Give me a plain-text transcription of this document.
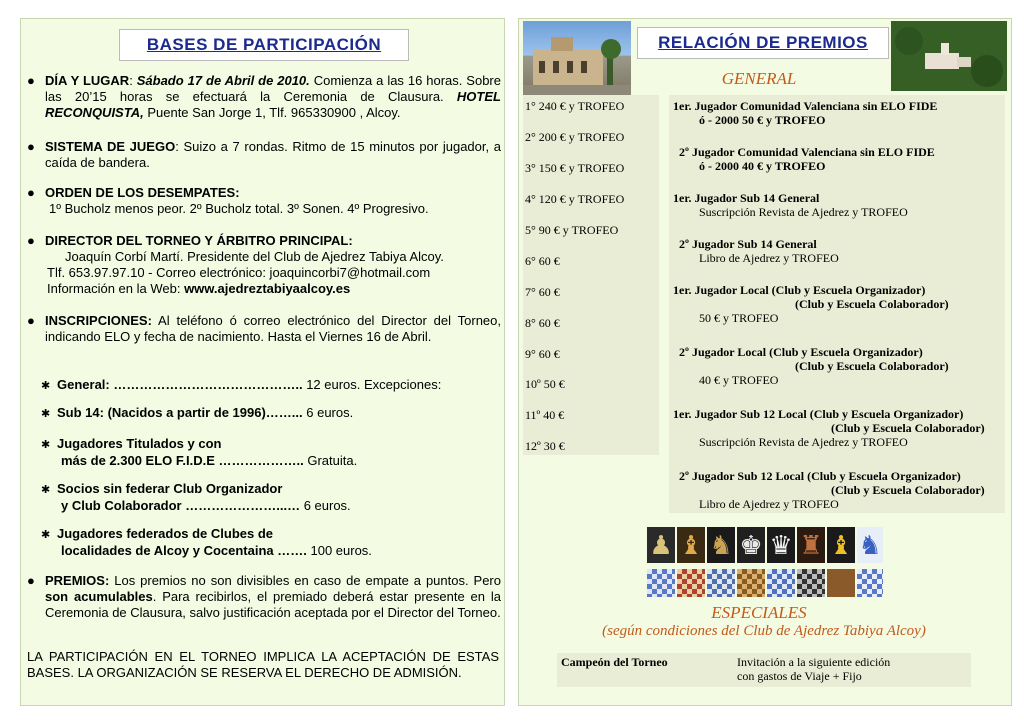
BASES DE PARTICIPACIÓN
● DÍA Y LUGAR: Sábado 17 de Abril de 2010. Comienza a las 16 horas. Sobre las 20’15 horas se efectuará la Ceremonia de Clausura. HOTEL RECONQUISTA, Puente San Jorge 1, Tlf. 965330900 , Alcoy.
● SISTEMA DE JUEGO: Suizo a 7 rondas. Ritmo de 15 minutos por jugador, a caída de bandera.
● ORDEN DE LOS DESEMPATES:
1º Bucholz menos peor. 2º Bucholz total. 3º Sonen. 4º Progresivo.
● DIRECTOR DEL TORNEO Y ÁRBITRO PRINCIPAL:
Joaquín Corbí Martí. Presidente del Club de Ajedrez Tabiya Alcoy.
Tlf. 653.97.97.10 - Correo electrónico: joaquincorbi7@hotmail.com
Información en la Web: www.ajedreztabiyaalcoy.es
● INSCRIPCIONES: Al teléfono ó correo electrónico del Director del Torneo, indicando ELO y fecha de nacimiento. Hasta el Viernes 16 de Abril.
✱ General: …………………………………….. 12 euros. Excepciones:
✱ Sub 14: (Nacidos a partir de 1996)……... 6 euros.
✱ Jugadores Titulados y con
más de 2.300 ELO F.I.D.E ……………….. Gratuita.
✱ Socios sin federar Club Organizador
y Club Colaborador …………………...… 6 euros.
✱ Jugadores federados de Clubes de
localidades de Alcoy y Cocentaina ……. 100 euros.
● PREMIOS: Los premios no son divisibles en caso de empate a puntos. Pero son acumulables. Para recibirlos, el premiado deberá estar presente en la Ceremonia de Clausura, salvo justificación aceptada por el Director del Torneo.
LA PARTICIPACIÓN EN EL TORNEO IMPLICA LA ACEPTACIÓN DE ESTAS BASES. LA ORGANIZACIÓN SE RESERVA EL DERECHO DE ADMISIÓN.
RELACIÓN DE PREMIOS
GENERAL
1° 240 € y TROFEO
2° 200 € y TROFEO
3° 150 € y TROFEO
4° 120 € y TROFEO
5° 90 € y TROFEO
6° 60 €
7° 60 €
8° 60 €
9° 60 €
10º 50 €
11º 40 €
12º 30 €
1er. Jugador Comunidad Valenciana sin ELO FIDE
ó - 2000 50 € y TROFEO
2º Jugador Comunidad Valenciana sin ELO FIDE
ó - 2000 40 € y TROFEO
1er. Jugador Sub 14 General
Suscripción Revista de Ajedrez y TROFEO
2º Jugador Sub 14 General
Libro de Ajedrez y TROFEO
1er. Jugador Local (Club y Escuela Organizador)
(Club y Escuela Colaborador)
50 € y TROFEO
2º Jugador Local (Club y Escuela Organizador)
(Club y Escuela Colaborador)
40 € y TROFEO
1er. Jugador Sub 12 Local (Club y Escuela Organizador)
(Club y Escuela Colaborador)
Suscripción Revista de Ajedrez y TROFEO
2º Jugador Sub 12 Local (Club y Escuela Organizador)
(Club y Escuela Colaborador)
Libro de Ajedrez y TROFEO
♟ ♝ ♞ ♚ ♛ ♜ ♝ ♞
ESPECIALES
(según condiciones del Club de Ajedrez Tabiya Alcoy)
Campeón del Torneo	Invitación a la siguiente edición
con gastos de Viaje + Fijo
